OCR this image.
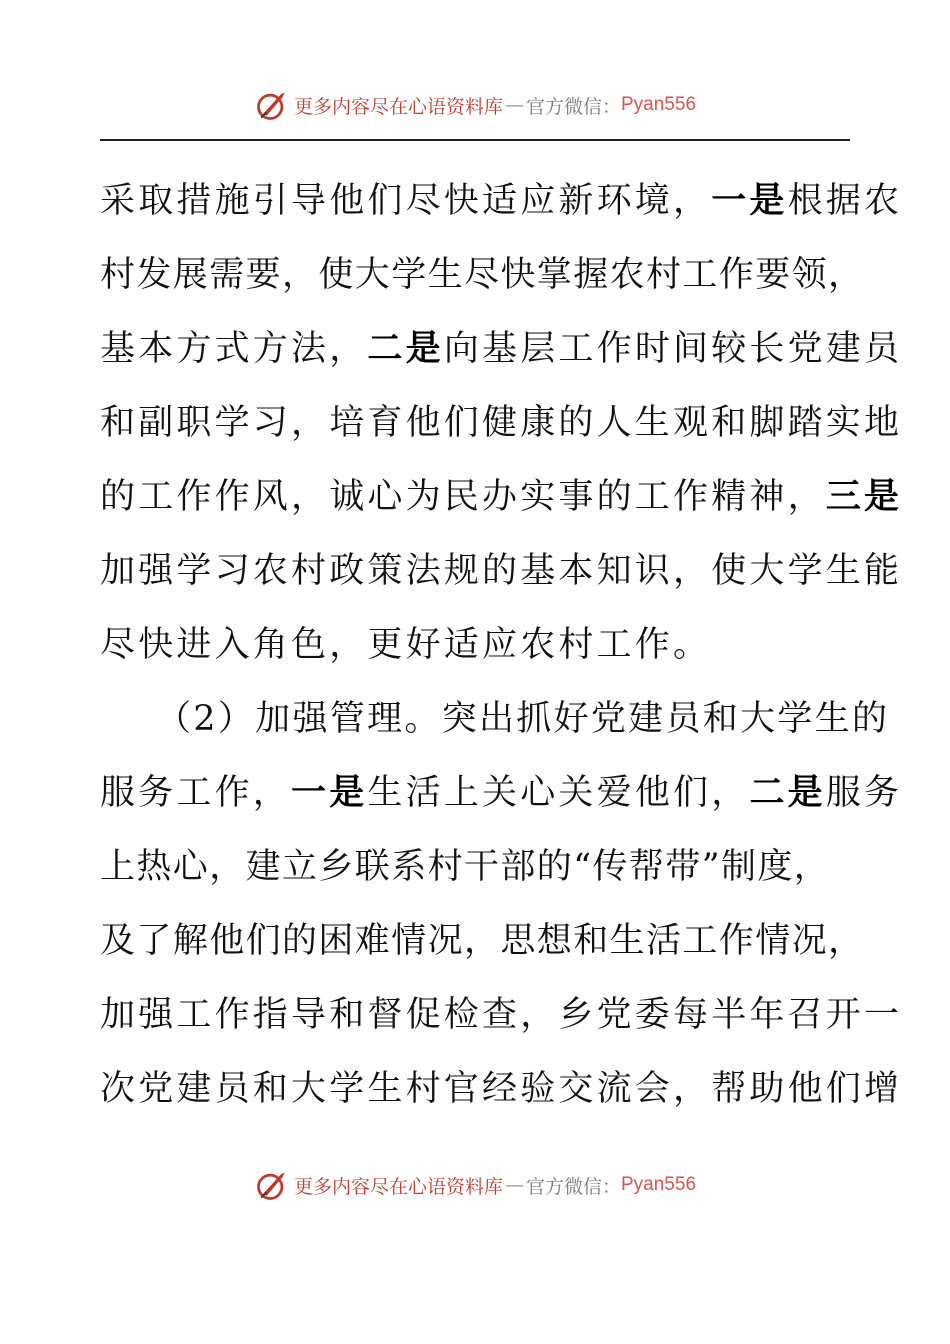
更多内容尽在心语资料库 — 官方微信： Pyan556
采取措施引导他们尽快适应新环境，一是根据农
村发展需要，使大学生尽快掌握农村工作要领，
基本方式方法，二是向基层工作时间较长党建员
和副职学习，培育他们健康的人生观和脚踏实地
的工作作风，诚心为民办实事的工作精神，三是
加强学习农村政策法规的基本知识，使大学生能
尽快进入角色，更好适应农村工作。
（2）加强管理。突出抓好党建员和大学生的
服务工作，一是生活上关心关爱他们，二是服务
上热心，建立乡联系村干部的“传帮带”制度，
及了解他们的困难情况，思想和生活工作情况，
加强工作指导和督促检查，乡党委每半年召开一
次党建员和大学生村官经验交流会，帮助他们增
更多内容尽在心语资料库 — 官方微信： Pyan556
